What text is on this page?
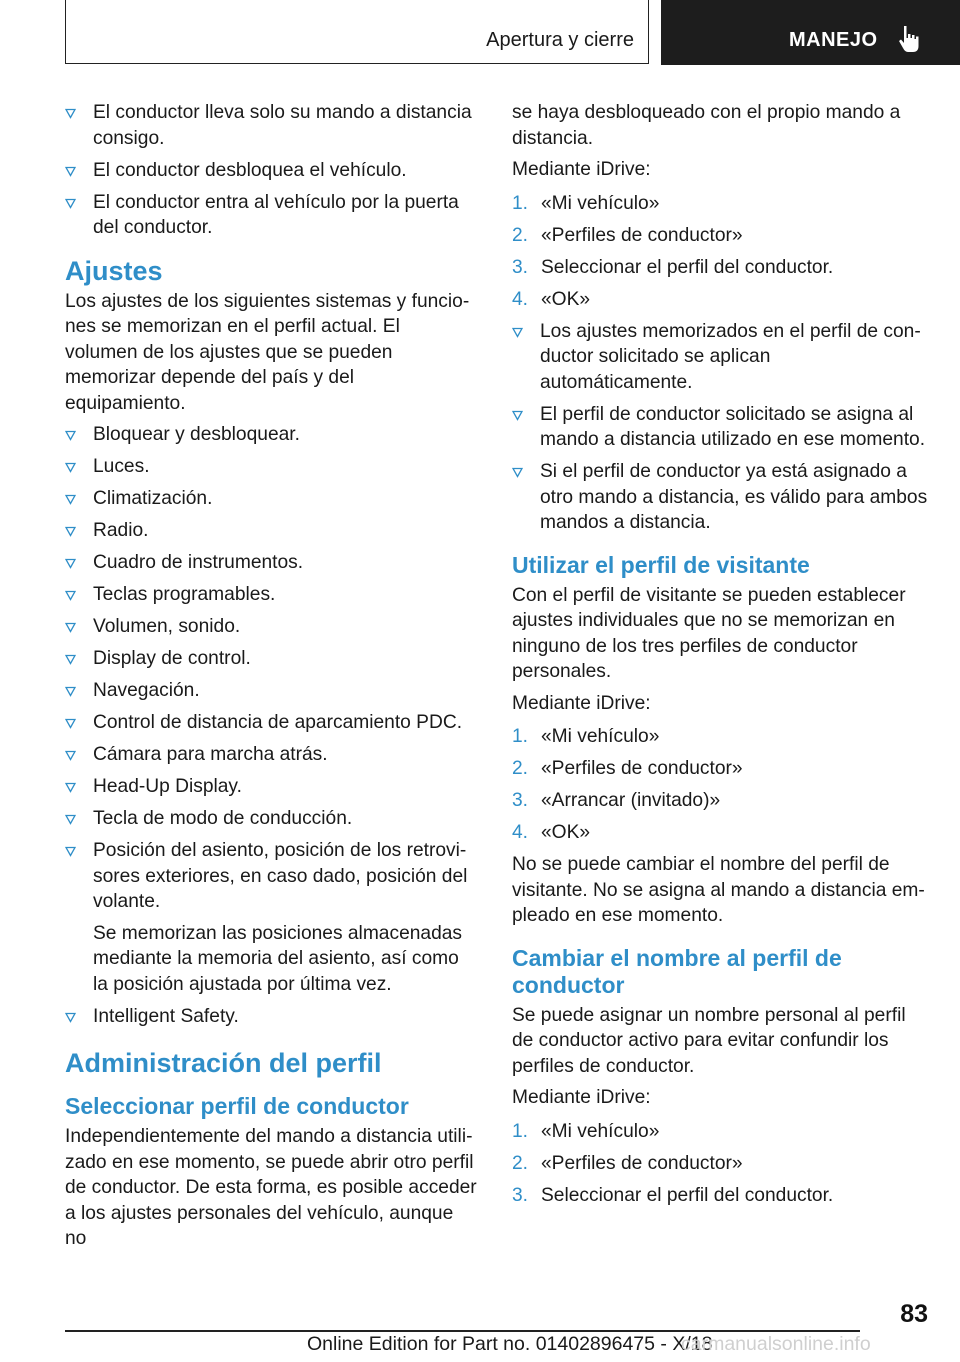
Apertura y cierre	MANEJO
El conductor lleva solo su mando a distancia consigo.
El conductor desbloquea el vehículo.
El conductor entra al vehículo por la puerta del conductor.
Ajustes

Los ajustes de los siguientes sistemas y funciones se memorizan en el perfil actual. El volumen de los ajustes que se pueden memorizar depende del país y del equipamiento.

Bloquear y desbloquear.
Luces.
Climatización.
Radio.
Cuadro de instrumentos.
Teclas programables.
Volumen, sonido.
Display de control.
Navegación.
Control de distancia de aparcamiento PDC.
Cámara para marcha atrás.
Head-Up Display.
Tecla de modo de conducción.
Posición del asiento, posición de los retrovisores exteriores, en caso dado, posición del volante.
Se memorizan las posiciones almacenadas mediante la memoria del asiento, así como la posición ajustada por última vez.
Intelligent Safety.
Administración del perfil
Seleccionar perfil de conductor

Independientemente del mando a distancia utilizado en ese momento, se puede abrir otro perfil de conductor. De esta forma, es posible acceder a los ajustes personales del vehículo, aunque no

se haya desbloqueado con el propio mando a distancia.

Mediante iDrive:

1. «Mi vehículo»
2. «Perfiles de conductor»
3. Seleccionar el perfil del conductor.
4. «OK»
Los ajustes memorizados en el perfil de conductor solicitado se aplican automáticamente.
El perfil de conductor solicitado se asigna al mando a distancia utilizado en ese momento.
Si el perfil de conductor ya está asignado a otro mando a distancia, es válido para ambos mandos a distancia.
Utilizar el perfil de visitante

Con el perfil de visitante se pueden establecer ajustes individuales que no se memorizan en ninguno de los tres perfiles de conductor personales.

Mediante iDrive:

1. «Mi vehículo»
2. «Perfiles de conductor»
3. «Arrancar (invitado)»
4. «OK»

No se puede cambiar el nombre del perfil de visitante. No se asigna al mando a distancia empleado en ese momento.

Cambiar el nombre al perfil de conductor

Se puede asignar un nombre personal al perfil de conductor activo para evitar confundir los perfiles de conductor.

Mediante iDrive:

1. «Mi vehículo»
2. «Perfiles de conductor»
3. Seleccionar el perfil del conductor.
83
Online Edition for Part no. 01402896475 - X/18
carmanualsonline.info
